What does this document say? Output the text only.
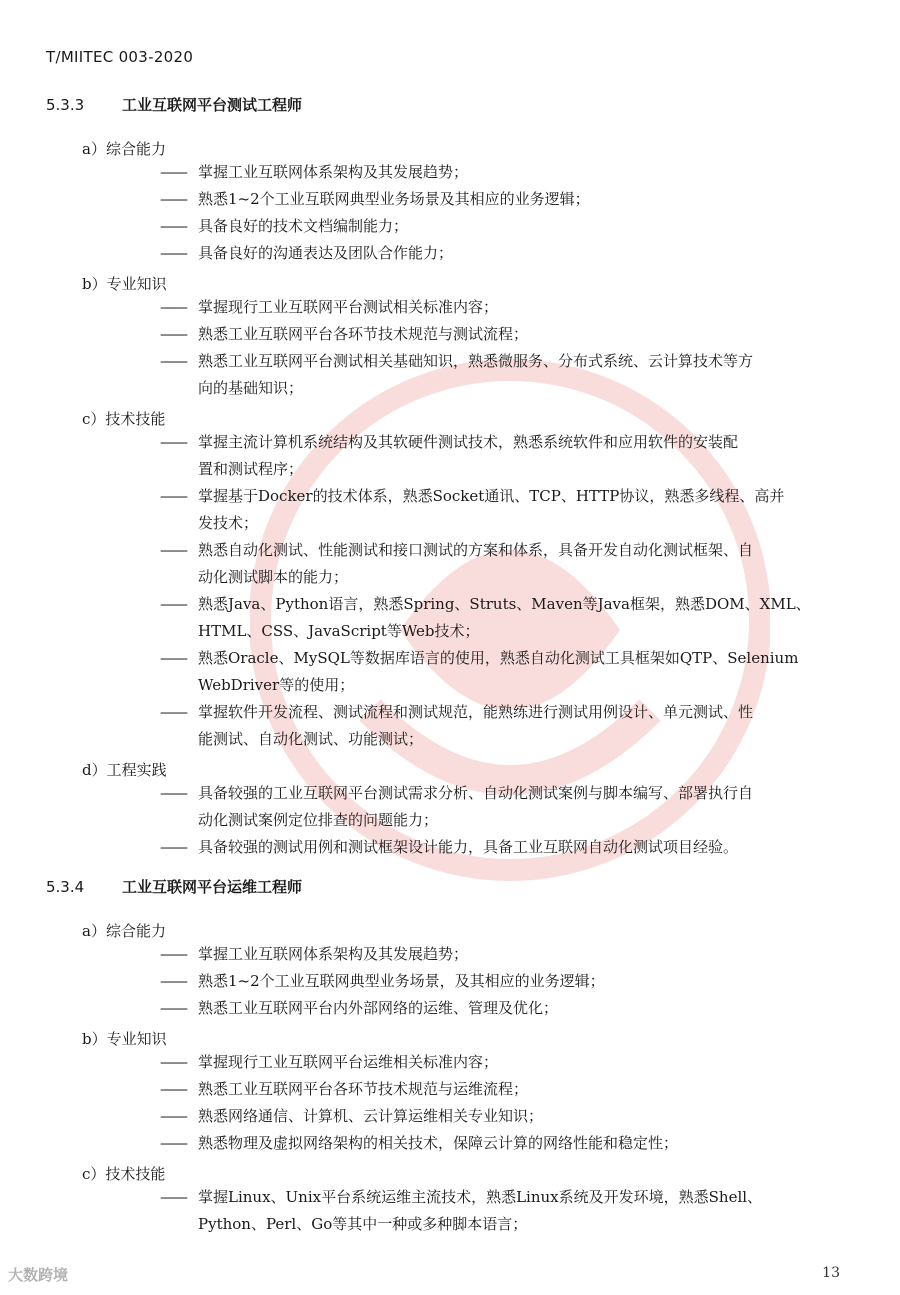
T/MIITEC 003-2020
5.3.3	工业互联网平台测试工程师
a）综合能力
—— 掌握工业互联网体系架构及其发展趋势；
—— 熟悉1~2个工业互联网典型业务场景及其相应的业务逻辑；
—— 具备良好的技术文档编制能力；
—— 具备良好的沟通表达及团队合作能力；
b）专业知识
—— 掌握现行工业互联网平台测试相关标准内容；
—— 熟悉工业互联网平台各环节技术规范与测试流程；
—— 熟悉工业互联网平台测试相关基础知识，熟悉微服务、分布式系统、云计算技术等方
向的基础知识；
c）技术技能
—— 掌握主流计算机系统结构及其软硬件测试技术，熟悉系统软件和应用软件的安装配
置和测试程序；
—— 掌握基于Docker的技术体系，熟悉Socket通讯、TCP、HTTP协议，熟悉多线程、高并
发技术；
—— 熟悉自动化测试、性能测试和接口测试的方案和体系，具备开发自动化测试框架、自
动化测试脚本的能力；
—— 熟悉Java、Python语言，熟悉Spring、Struts、Maven等Java框架，熟悉DOM、XML、
HTML、CSS、JavaScript等Web技术；
—— 熟悉Oracle、MySQL等数据库语言的使用，熟悉自动化测试工具框架如QTP、Selenium
WebDriver等的使用；
—— 掌握软件开发流程、测试流程和测试规范，能熟练进行测试用例设计、单元测试、性
能测试、自动化测试、功能测试；
d）工程实践
—— 具备较强的工业互联网平台测试需求分析、自动化测试案例与脚本编写、部署执行自
动化测试案例定位排查的问题能力；
—— 具备较强的测试用例和测试框架设计能力，具备工业互联网自动化测试项目经验。
5.3.4	工业互联网平台运维工程师
a）综合能力
—— 掌握工业互联网体系架构及其发展趋势；
—— 熟悉1~2个工业互联网典型业务场景，及其相应的业务逻辑；
—— 熟悉工业互联网平台内外部网络的运维、管理及优化；
b）专业知识
—— 掌握现行工业互联网平台运维相关标准内容；
—— 熟悉工业互联网平台各环节技术规范与运维流程；
—— 熟悉网络通信、计算机、云计算运维相关专业知识；
—— 熟悉物理及虚拟网络架构的相关技术，保障云计算的网络性能和稳定性；
c）技术技能
—— 掌握Linux、Unix平台系统运维主流技术，熟悉Linux系统及开发环境，熟悉Shell、
Python、Perl、Go等其中一种或多种脚本语言；
大数跨境	13
